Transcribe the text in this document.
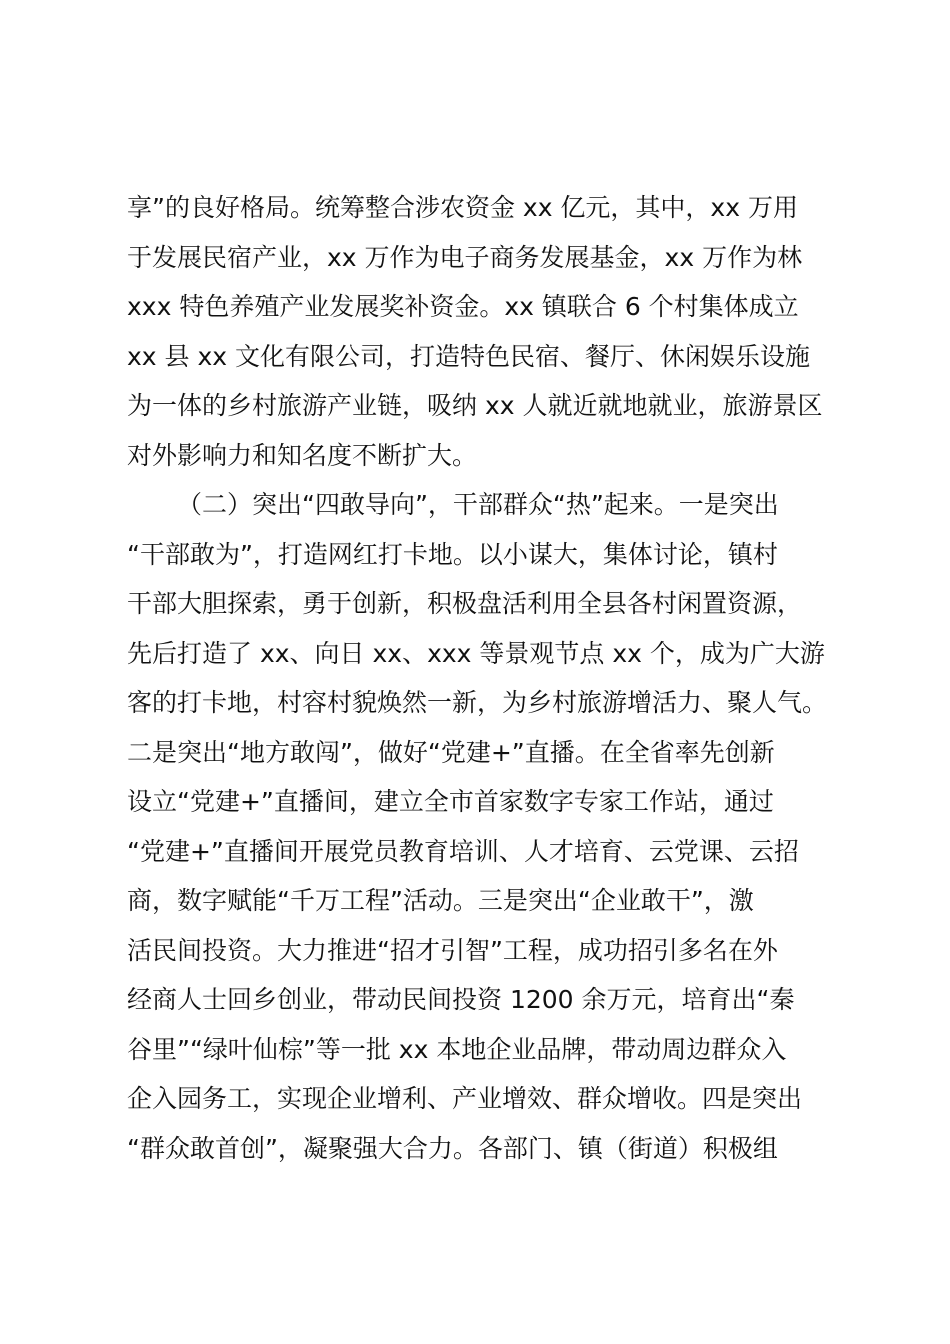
享”的良好格局。统筹整合涉农资金 xx 亿元，其中，xx 万用
于发展民宿产业，xx 万作为电子商务发展基金，xx 万作为林
xxx 特色养殖产业发展奖补资金。xx 镇联合 6 个村集体成立
xx 县 xx 文化有限公司，打造特色民宿、餐厅、休闲娱乐设施
为一体的乡村旅游产业链，吸纳 xx 人就近就地就业，旅游景区
对外影响力和知名度不断扩大。
（二）突出“四敢导向”，干部群众“热”起来。一是突出
“干部敢为”，打造网红打卡地。以小谋大，集体讨论，镇村
干部大胆探索，勇于创新，积极盘活利用全县各村闲置资源，
先后打造了 xx、向日 xx、xxx 等景观节点 xx 个，成为广大游
客的打卡地，村容村貌焕然一新，为乡村旅游增活力、聚人气。
二是突出“地方敢闯”，做好“党建+”直播。在全省率先创新
设立“党建+”直播间，建立全市首家数字专家工作站，通过
“党建+”直播间开展党员教育培训、人才培育、云党课、云招
商，数字赋能“千万工程”活动。三是突出“企业敢干”，激
活民间投资。大力推进“招才引智”工程，成功招引多名在外
经商人士回乡创业，带动民间投资 1200 余万元，培育出“秦
谷里”“绿叶仙棕”等一批 xx 本地企业品牌，带动周边群众入
企入园务工，实现企业增利、产业增效、群众增收。四是突出
“群众敢首创”，凝聚强大合力。各部门、镇（街道）积极组
